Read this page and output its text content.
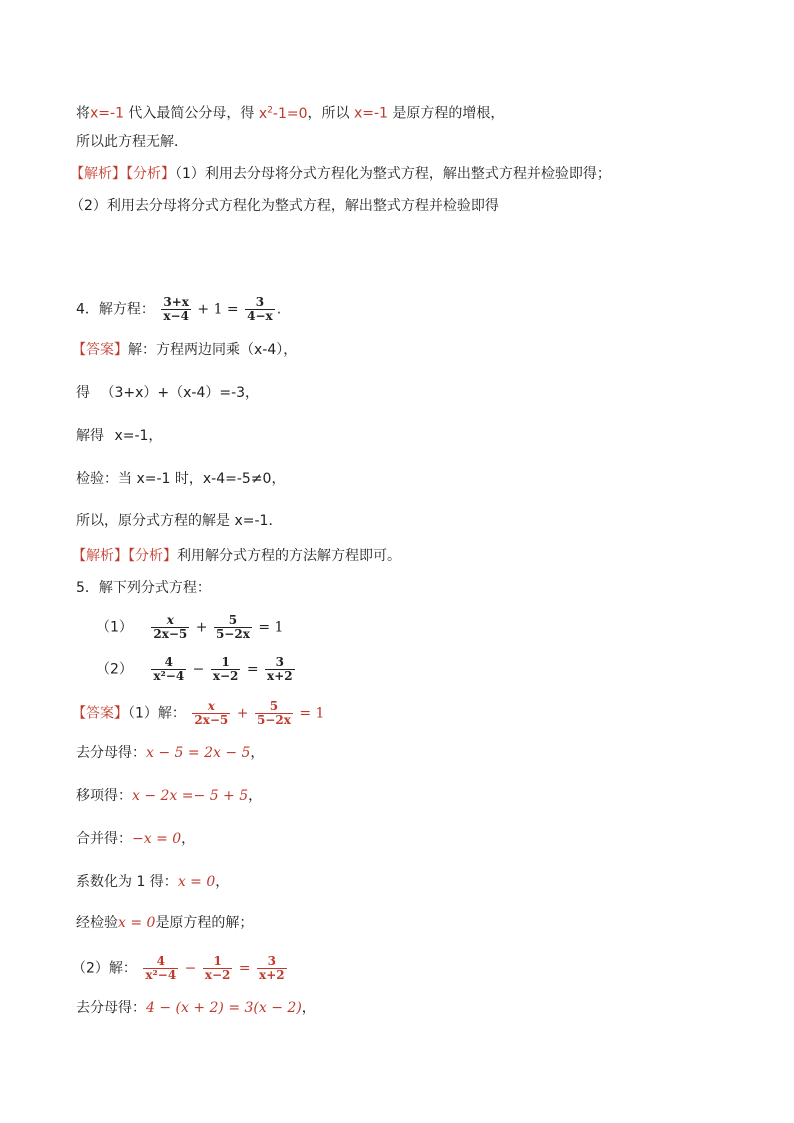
将x=-1 代入最简公分母，得 $x^2-1=0$，所以 x=-1 是原方程的增根，
所以此方程无解．
【解析】【分析】（1）利用去分母将分式方程化为整式方程，解出整式方程并检验即得；
（2）利用去分母将分式方程化为整式方程，解出整式方程并检验即得
4．解方程： $\frac{3+x}{x-4} + 1 = \frac{3}{4-x}$ .
【答案】解：方程两边同乘（x-4），
得 （3+x）+（x-4）=-3，
解得 x=-1，
检验：当 x=-1 时，x-4=-5≠0，
所以，原分式方程的解是 x=-1．
【解析】【分析】利用解分式方程的方法解方程即可。
5．解下列分式方程：
$(1) \frac{x}{2x-5} + \frac{5}{5-2x} = 1$
$(2) \frac{4}{\text{x²−4}} - \frac{1}{x-2} = \frac{3}{x+2}$
【答案】（1）解： $\frac{x}{2x-5} + \frac{5}{5-2x} = 1$
去分母得：x − 5 = 2x − 5，
移项得：x − 2x =− 5 + 5，
合并得：−x = 0，
系数化为 1 得：x = 0，
经检验x = 0是原方程的解；
（2）解： $\frac{4}{\text{x²−4}} - \frac{1}{x-2} = \frac{3}{x+2}$
去分母得：4 − (x + 2) = 3(x − 2)，
